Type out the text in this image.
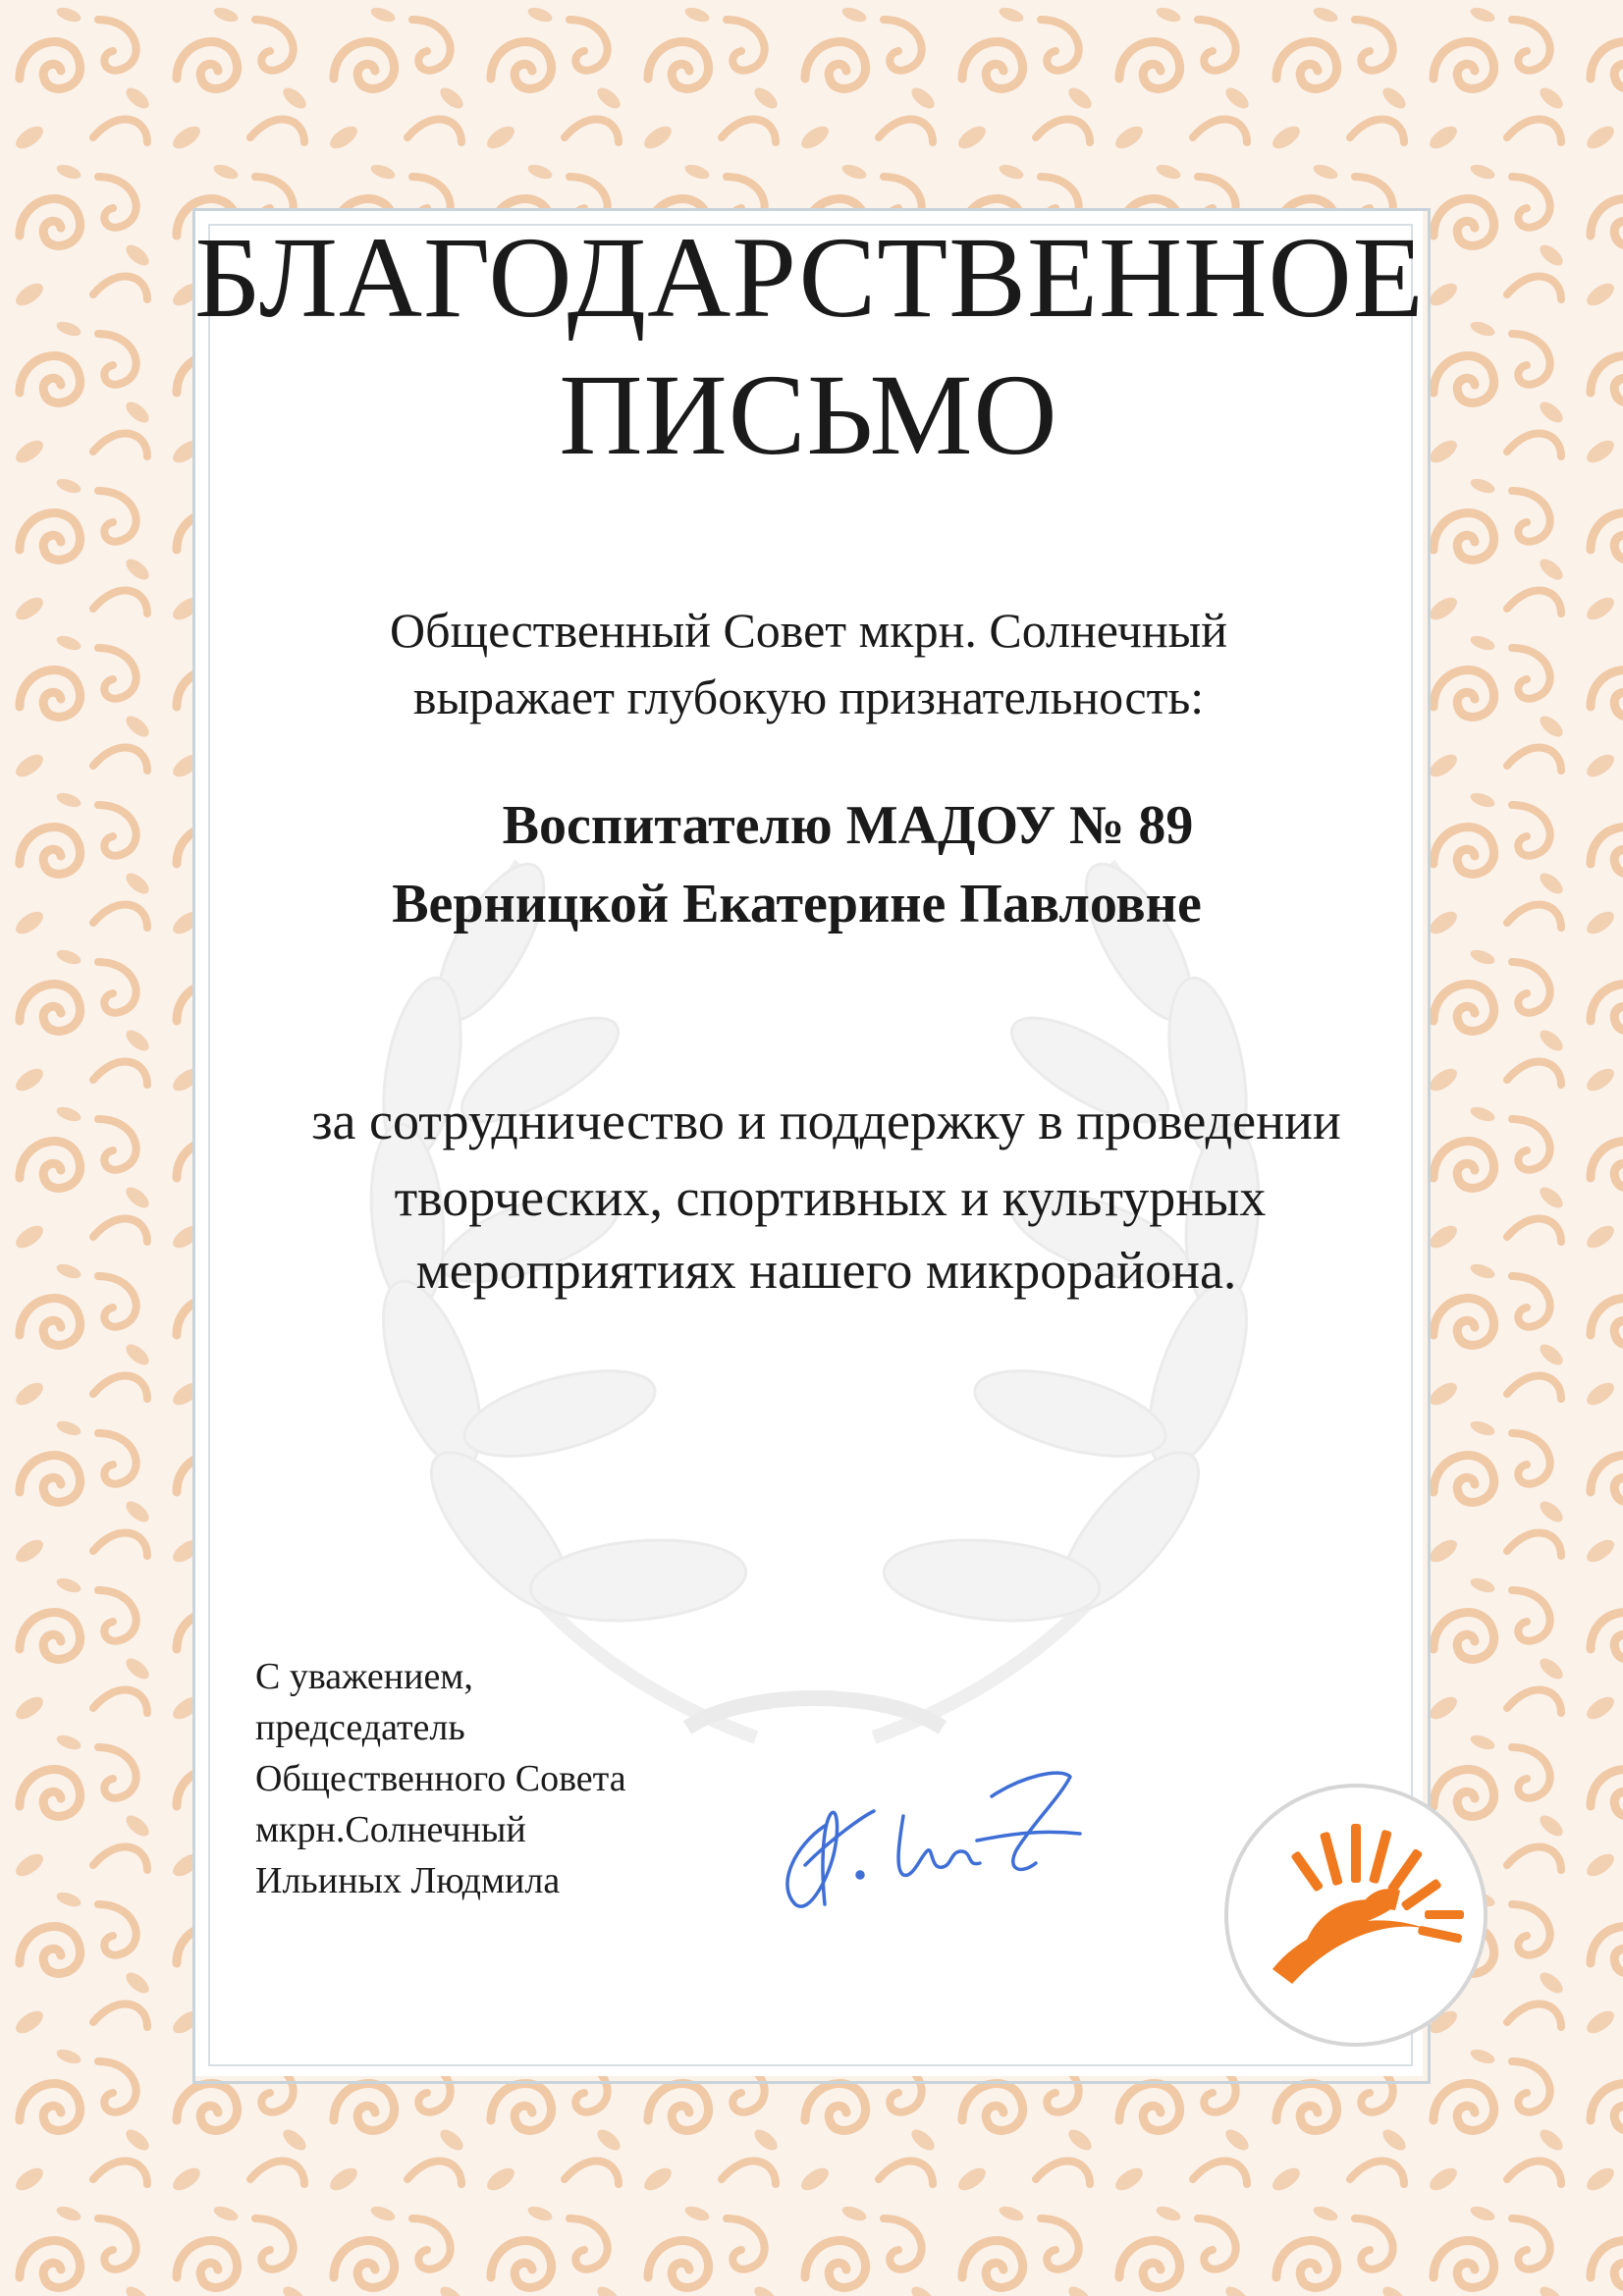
БЛАГОДАРСТВЕННОЕ
ПИСЬМО
Общественный Совет мкрн. Солнечный
выражает глубокую признательность:
Воспитателю МАДОУ № 89
Верницкой Екатерине Павловне
за сотрудничество и поддержку в проведении
творческих, спортивных и культурных
мероприятиях нашего микрорайона.
С уважением,
председатель
Общественного Совета
мкрн.Солнечный
Ильиных Людмила
